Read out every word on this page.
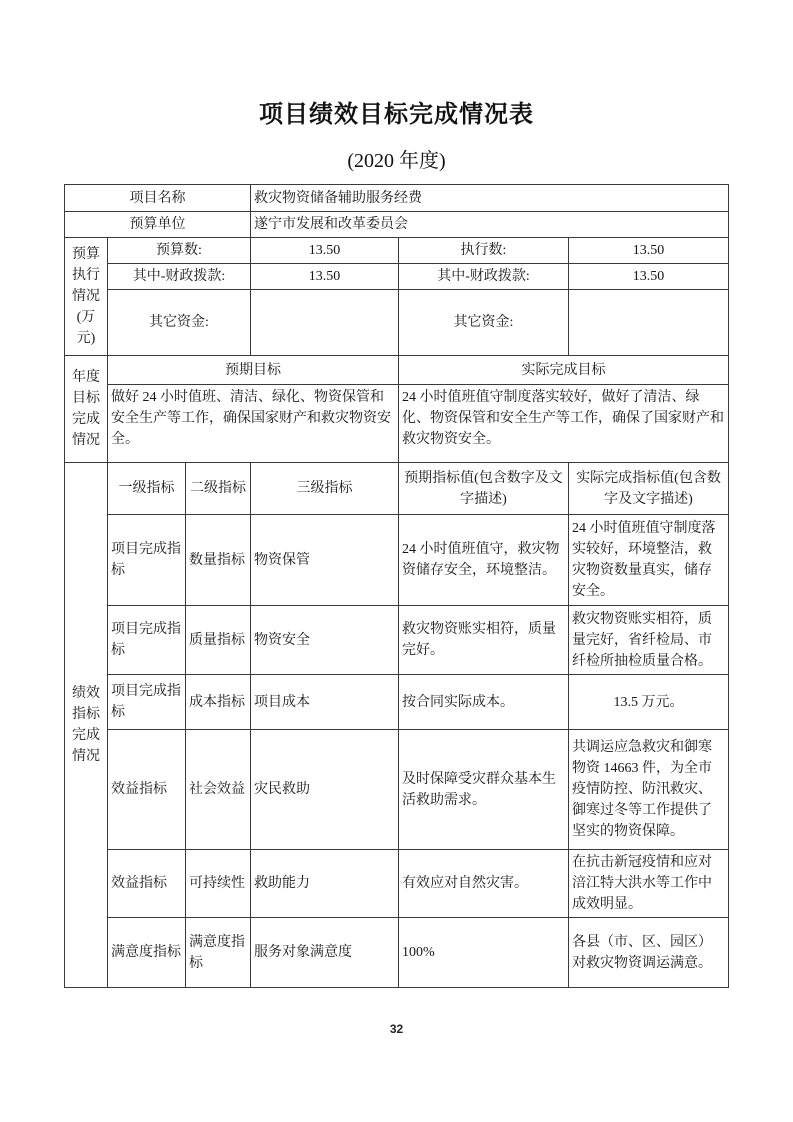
项目绩效目标完成情况表
(2020 年度)
项目名称			救灾物资储备辅助服务经费		
预算单位			遂宁市发展和改革委员会		
预算执行情况(万元)	预算数:		13.50	执行数:	13.50
	其中-财政拨款:		13.50	其中-财政拨款:	13.50
	其它资金:			其它资金:	
年度目标完成情况	预期目标			实际完成目标	
	做好 24 小时值班、清洁、绿化、物资保管和安全生产等工作，确保国家财产和救灾物资安全。			24 小时值班值守制度落实较好，做好了清洁、绿化、物资保管和安全生产等工作，确保了国家财产和救灾物资安全。	
绩效指标完成情况	一级指标	二级指标	三级指标	预期指标值(包含数字及文字描述)	实际完成指标值(包含数字及文字描述)
	项目完成指标	数量指标	物资保管	24 小时值班值守，救灾物资储存安全，环境整洁。	24 小时值班值守制度落实较好，环境整洁，救灾物资数量真实，储存安全。
	项目完成指标	质量指标	物资安全	救灾物资账实相符，质量完好。	救灾物资账实相符，质量完好，省纤检局、市纤检所抽检质量合格。
	项目完成指标	成本指标	项目成本	按合同实际成本。	13.5 万元。
	效益指标	社会效益	灾民救助	及时保障受灾群众基本生活救助需求。	共调运应急救灾和御寒物资 14663 件，为全市疫情防控、防汛救灾、御寒过冬等工作提供了坚实的物资保障。
	效益指标	可持续性	救助能力	有效应对自然灾害。	在抗击新冠疫情和应对涪江特大洪水等工作中成效明显。
	满意度指标	满意度指标	服务对象满意度	100%	各县（市、区、园区）对救灾物资调运满意。
32
